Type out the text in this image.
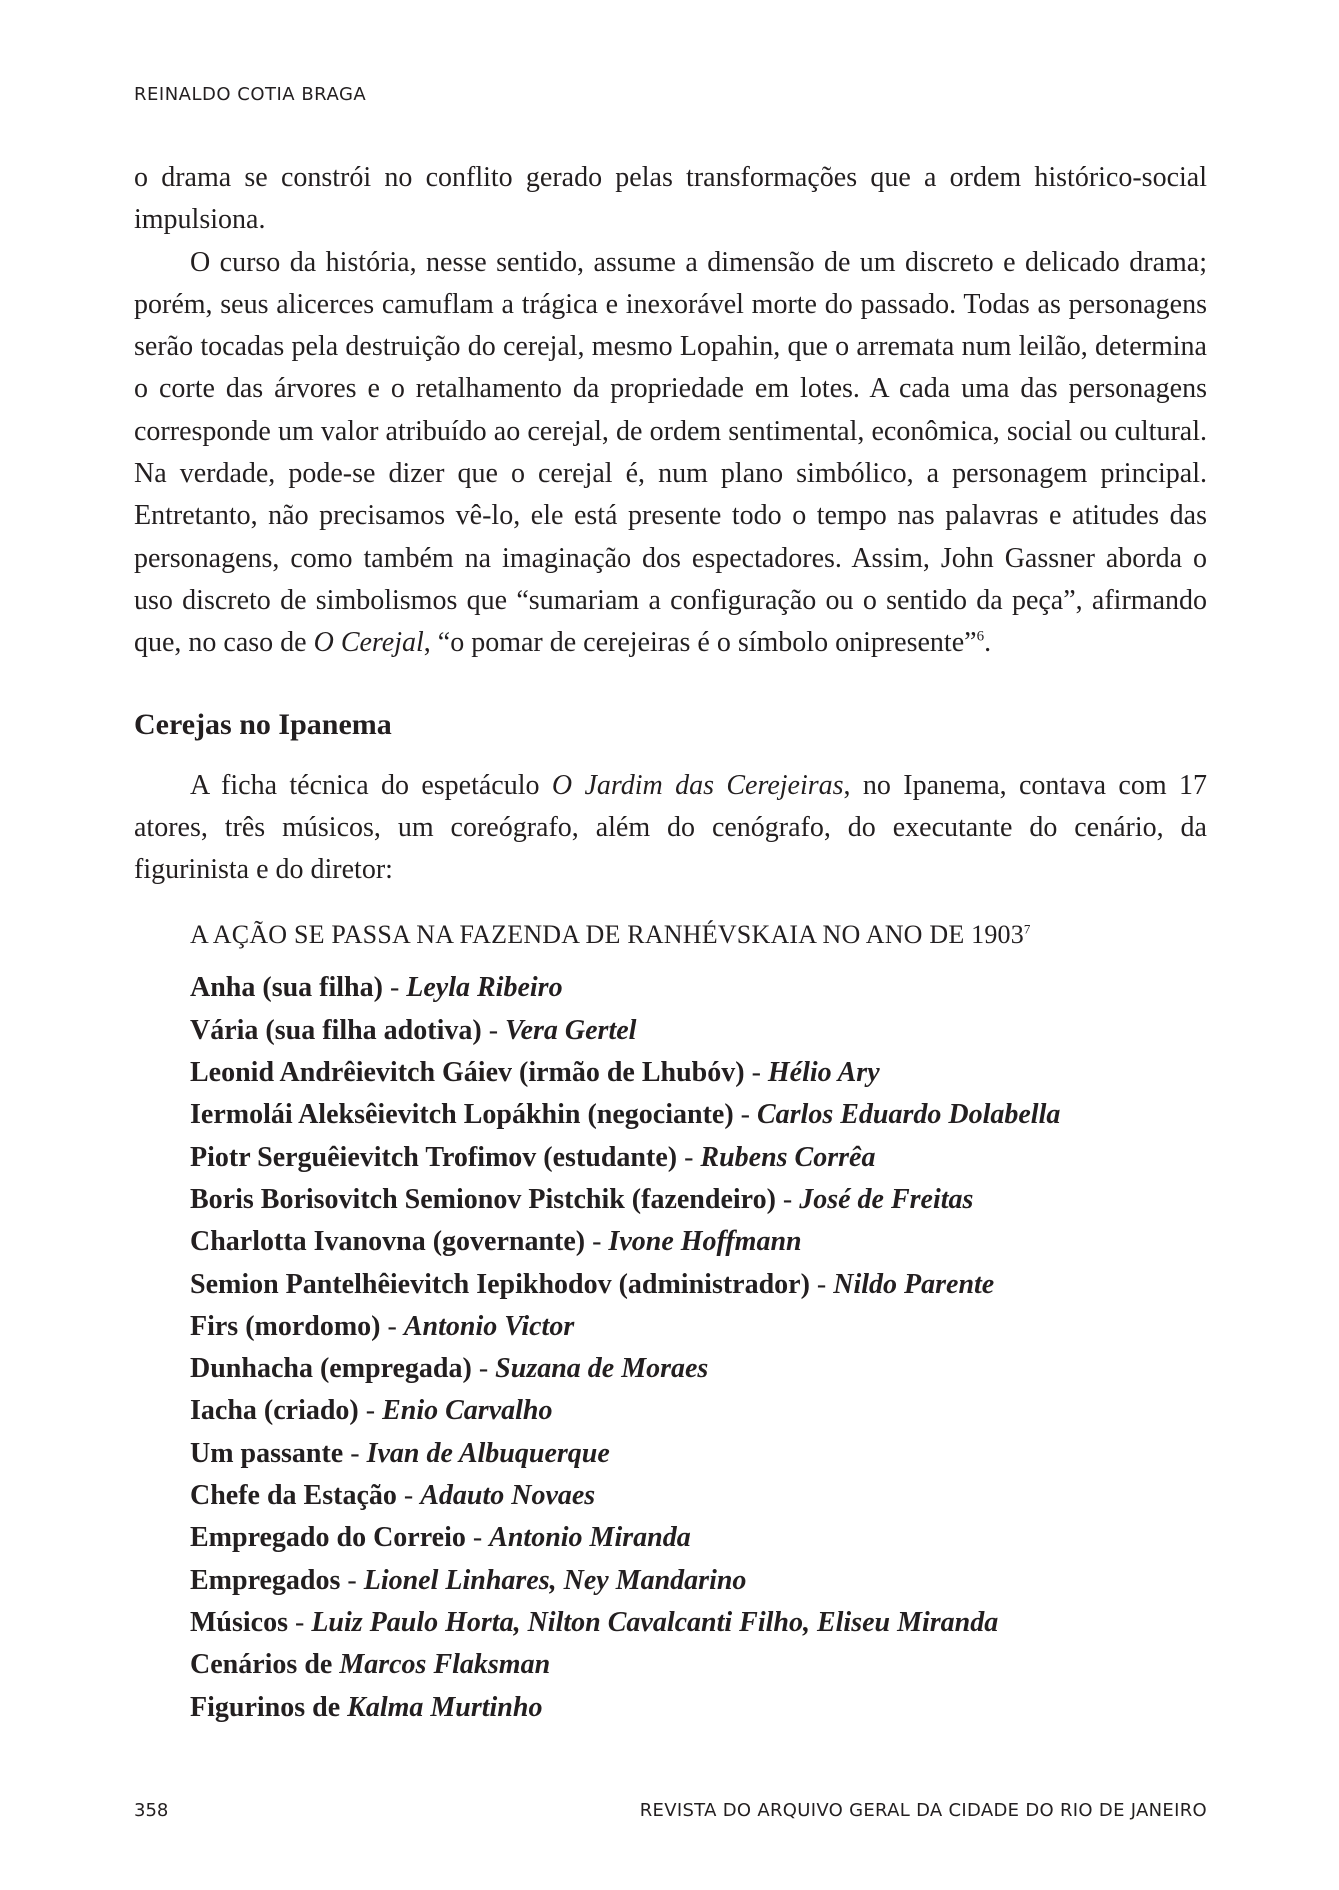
REINALDO COTIA BRAGA

o drama se constrói no conflito gerado pelas transformações que a ordem histórico-social impulsiona.

O curso da história, nesse sentido, assume a dimensão de um discreto e delicado drama; porém, seus alicerces camuflam a trágica e inexorável morte do passado. Todas as personagens serão tocadas pela destruição do cerejal, mesmo Lopahin, que o arremata num leilão, determina o corte das árvores e o retalhamento da propriedade em lotes. A cada uma das personagens corresponde um valor atribuído ao cerejal, de ordem sentimental, econômica, social ou cultural. Na verdade, pode-se dizer que o cerejal é, num plano simbólico, a personagem principal. Entretanto, não precisamos vê-lo, ele está presente todo o tempo nas palavras e atitudes das personagens, como também na imaginação dos espectadores. Assim, John Gassner aborda o uso discreto de simbolismos que “sumariam a configuração ou o sentido da peça”, afirmando que, no caso de O Cerejal, “o pomar de cerejeiras é o símbolo onipresente”$^6$.

Cerejas no Ipanema

A ficha técnica do espetáculo O Jardim das Cerejeiras, no Ipanema, contava com 17 atores, três músicos, um coreógrafo, além do cenógrafo, do executante do cenário, da figurinista e do diretor:

A AÇÃO SE PASSA NA FAZENDA DE RANHÉVSKAIA NO ANO DE 1903$^7$
Anha (sua filha) - Leyla Ribeiro
Vária (sua filha adotiva) - Vera Gertel
Leonid Andrêievitch Gáiev (irmão de Lhubóv) - Hélio Ary
Iermolái Aleksêievitch Lopákhin (negociante) - Carlos Eduardo Dolabella
Piotr Serguêievitch Trofimov (estudante) - Rubens Corrêa
Boris Borisovitch Semionov Pistchik (fazendeiro) - José de Freitas
Charlotta Ivanovna (governante) - Ivone Hoffmann
Semion Pantelhêievitch Iepikhodov (administrador) - Nildo Parente
Firs (mordomo) - Antonio Victor
Dunhacha (empregada) - Suzana de Moraes
Iacha (criado) - Enio Carvalho
Um passante - Ivan de Albuquerque
Chefe da Estação - Adauto Novaes
Empregado do Correio - Antonio Miranda
Empregados - Lionel Linhares, Ney Mandarino
Músicos - Luiz Paulo Horta, Nilton Cavalcanti Filho, Eliseu Miranda
Cenários de Marcos Flaksman
Figurinos de Kalma Murtinho
358	REVISTA DO ARQUIVO GERAL DA CIDADE DO RIO DE JANEIRO
